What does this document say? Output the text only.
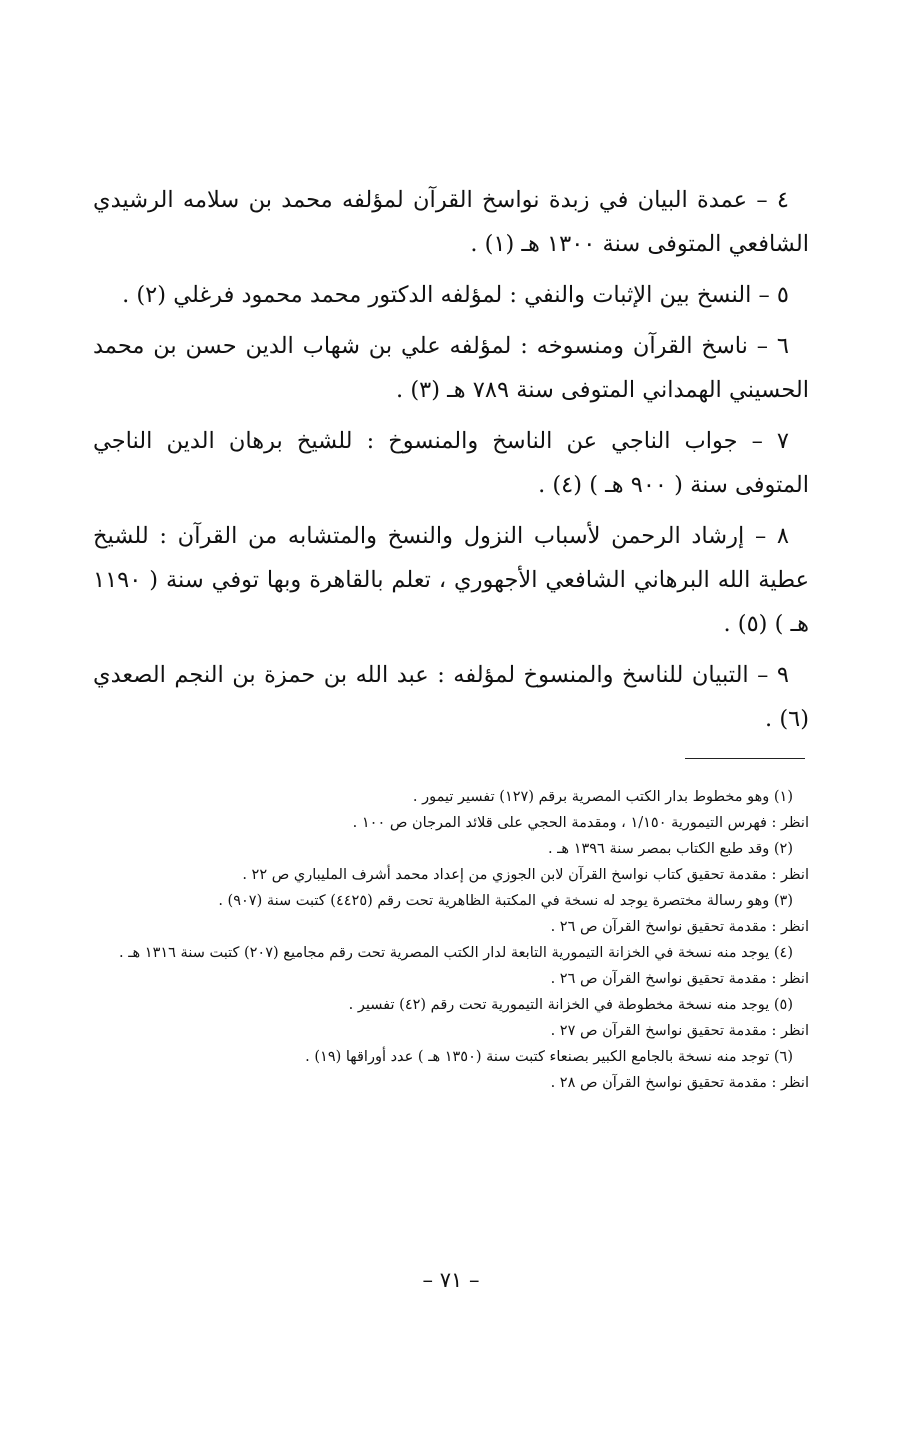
٤ – عمدة البيان في زبدة نواسخ القرآن لمؤلفه محمد بن سلامه الرشيدي الشافعي المتوفى سنة ١٣٠٠ هـ (١) .

٥ – النسخ بين الإثبات والنفي : لمؤلفه الدكتور محمد محمود فرغلي (٢) .

٦ – ناسخ القرآن ومنسوخه : لمؤلفه علي بن شهاب الدين حسن بن محمد الحسيني الهمداني المتوفى سنة ٧٨٩ هـ (٣) .

٧ – جواب الناجي عن الناسخ والمنسوخ : للشيخ برهان الدين الناجي المتوفى سنة ( ٩٠٠ هـ ) (٤) .

٨ – إرشاد الرحمن لأسباب النزول والنسخ والمتشابه من القرآن : للشيخ عطية الله البرهاني الشافعي الأجهوري ، تعلم بالقاهرة وبها توفي سنة ( ١١٩٠ هـ ) (٥) .

٩ – التبيان للناسخ والمنسوخ لمؤلفه : عبد الله بن حمزة بن النجم الصعدي (٦) .

(١) وهو مخطوط بدار الكتب المصرية برقم (١٢٧) تفسير تيمور .

انظر : فهرس التيمورية ١/١٥٠ ، ومقدمة الحجي على قلائد المرجان ص ١٠٠ .

(٢) وقد طبع الكتاب بمصر سنة ١٣٩٦ هـ .

انظر : مقدمة تحقيق كتاب نواسخ القرآن لابن الجوزي من إعداد محمد أشرف المليباري ص ٢٢ .

(٣) وهو رسالة مختصرة يوجد له نسخة في المكتبة الظاهرية تحت رقم (٤٤٢٥) كتبت سنة (٩٠٧) .

انظر : مقدمة تحقيق نواسخ القرآن ص ٢٦ .

(٤) يوجد منه نسخة في الخزانة التيمورية التابعة لدار الكتب المصرية تحت رقم مجاميع (٢٠٧) كتبت سنة ١٣١٦ هـ .

انظر : مقدمة تحقيق نواسخ القرآن ص ٢٦ .

(٥) يوجد منه نسخة مخطوطة في الخزانة التيمورية تحت رقم (٤٢) تفسير .

انظر : مقدمة تحقيق نواسخ القرآن ص ٢٧ .

(٦) توجد منه نسخة بالجامع الكبير بصنعاء كتبت سنة (١٣٥٠ هـ ) عدد أوراقها (١٩) .

انظر : مقدمة تحقيق نواسخ القرآن ص ٢٨ .

– ٧١ –
